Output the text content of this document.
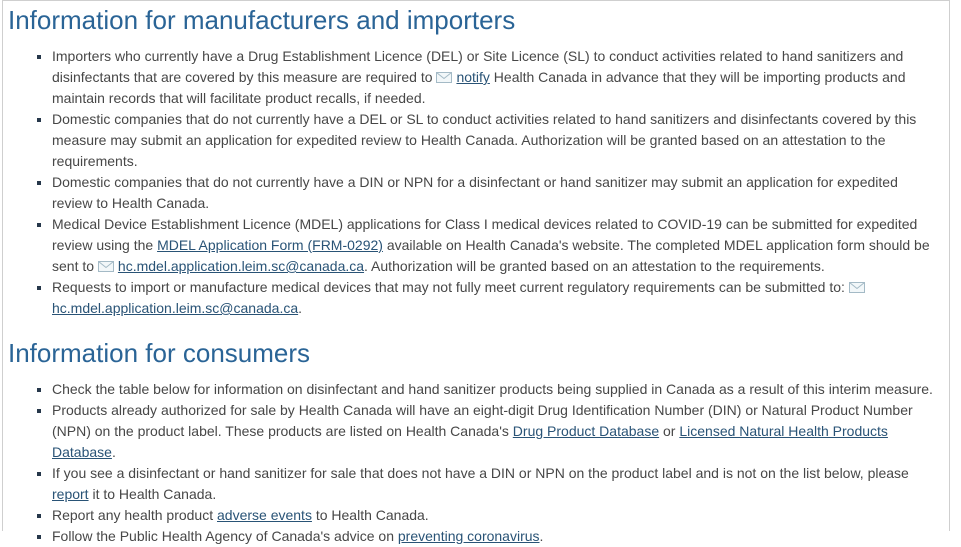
Information for manufacturers and importers
▪ Importers who currently have a Drug Establishment Licence (DEL) or Site Licence (SL) to conduct activities related to hand sanitizers and disinfectants that are covered by this measure are required to notify Health Canada in advance that they will be importing products and maintain records that will facilitate product recalls, if needed.
▪ Domestic companies that do not currently have a DEL or SL to conduct activities related to hand sanitizers and disinfectants covered by this measure may submit an application for expedited review to Health Canada. Authorization will be granted based on an attestation to the requirements.
▪ Domestic companies that do not currently have a DIN or NPN for a disinfectant or hand sanitizer may submit an application for expedited review to Health Canada.
▪ Medical Device Establishment Licence (MDEL) applications for Class I medical devices related to COVID-19 can be submitted for expedited review using the MDEL Application Form (FRM-0292) available on Health Canada's website. The completed MDEL application form should be sent to hc.mdel.application.leim.sc@canada.ca. Authorization will be granted based on an attestation to the requirements.
▪ Requests to import or manufacture medical devices that may not fully meet current regulatory requirements can be submitted to: hc.mdel.application.leim.sc@canada.ca.
Information for consumers
▪ Check the table below for information on disinfectant and hand sanitizer products being supplied in Canada as a result of this interim measure.
▪ Products already authorized for sale by Health Canada will have an eight-digit Drug Identification Number (DIN) or Natural Product Number (NPN) on the product label. These products are listed on Health Canada's Drug Product Database or Licensed Natural Health Products Database.
▪ If you see a disinfectant or hand sanitizer for sale that does not have a DIN or NPN on the product label and is not on the list below, please report it to Health Canada.
▪ Report any health product adverse events to Health Canada.
▪ Follow the Public Health Agency of Canada's advice on preventing coronavirus.
